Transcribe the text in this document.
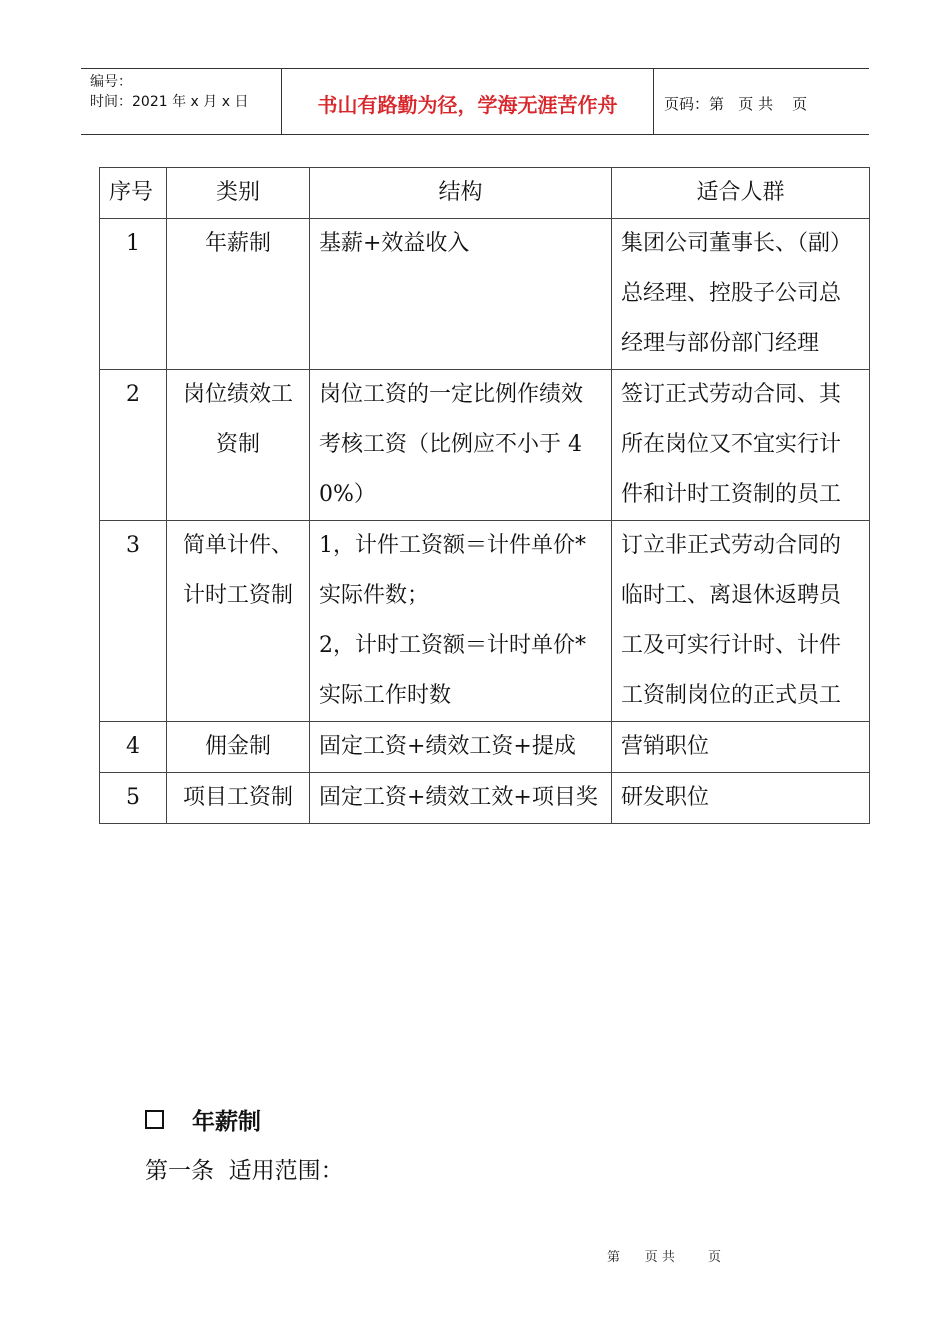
编号：
时间：2021 年 x 月 x 日	书山有路勤为径，学海无涯苦作舟	页码：第   页 共    页
序号	类别	结构	适合人群
1	年薪制	基薪+效益收入	集团公司董事长、（副）总经理、控股子公司总经理与部份部门经理
2	岗位绩效工资制	岗位工资的一定比例作绩效考核工资（比例应不小于 40%）	签订正式劳动合同、其所在岗位又不宜实行计件和计时工资制的员工
3	简单计件、计时工资制	1，计件工资额＝计件单价*实际件数；
2，计时工资额＝计时单价*实际工作时数	订立非正式劳动合同的临时工、离退休返聘员工及可实行计时、计件工资制岗位的正式员工
4	佣金制	固定工资+绩效工资+提成	营销职位
5	项目工资制	固定工资+绩效工效+项目奖	研发职位
年薪制
第一条  适用范围：
第      页 共        页
